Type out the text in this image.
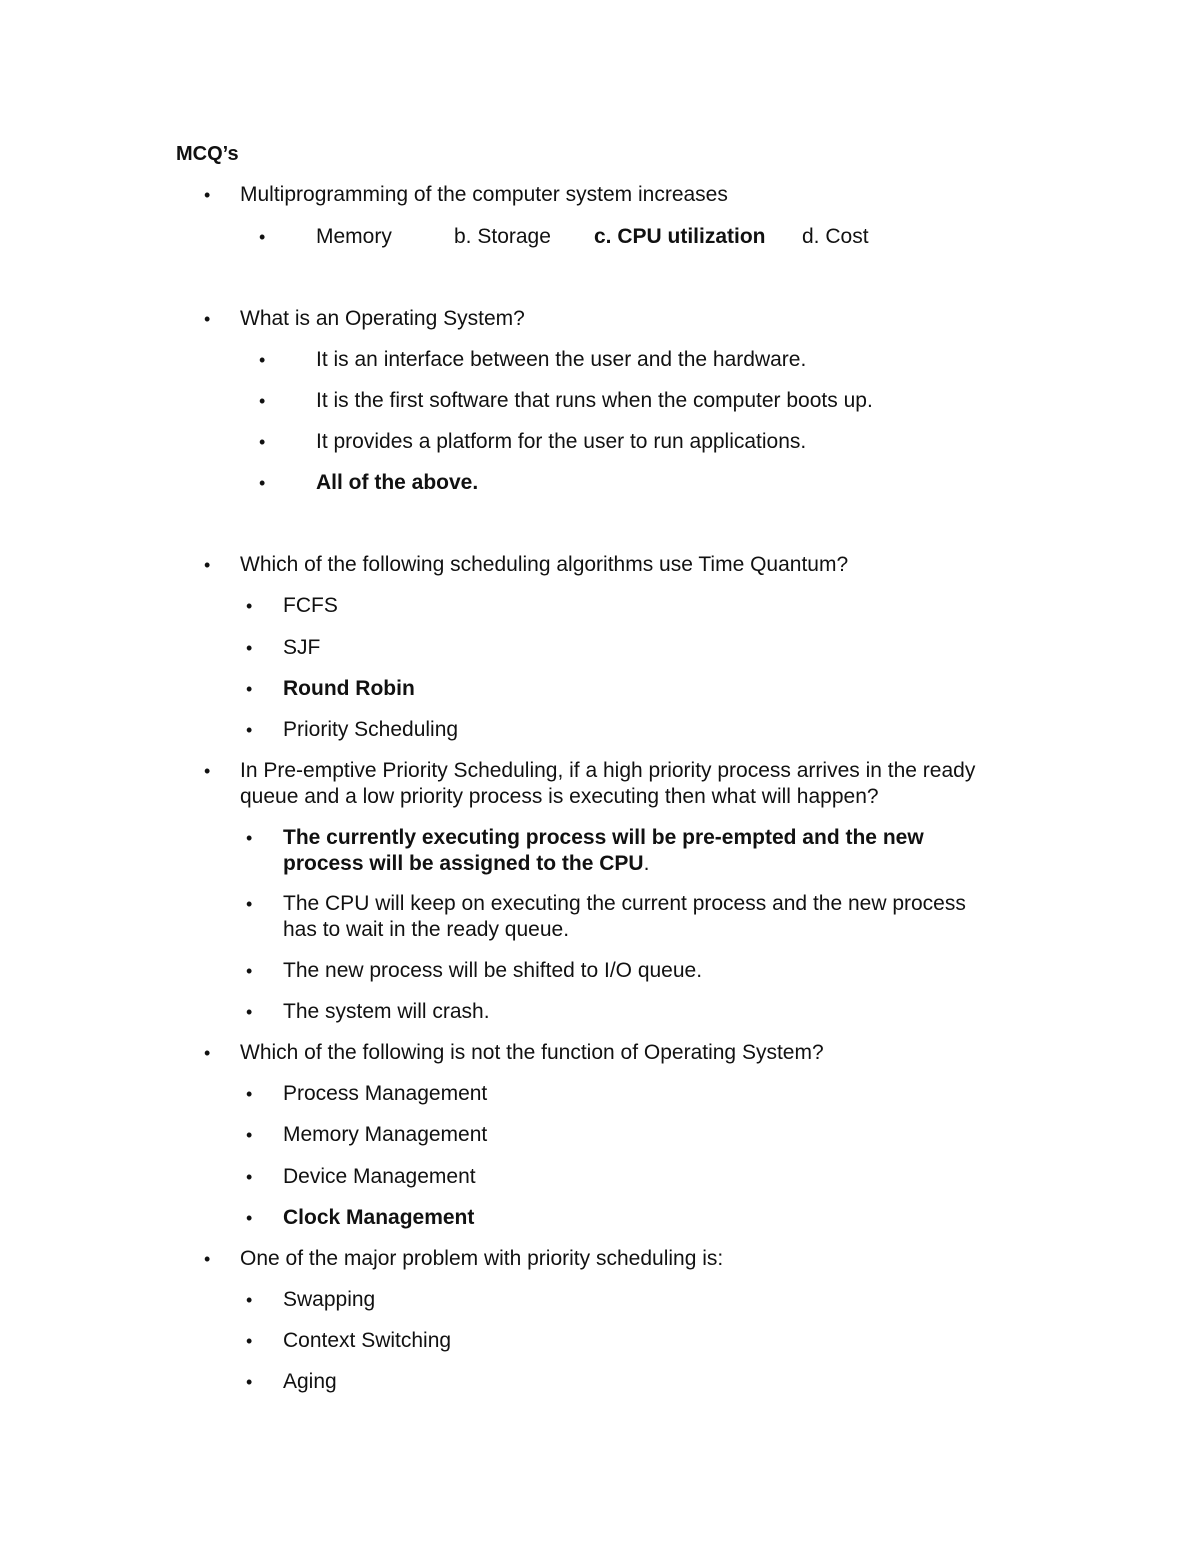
MCQ’s
• Multiprogramming of the computer system increases
• Memory	b. Storage c. CPU utilization d. Cost
• What is an Operating System?
• It is an interface between the user and the hardware.
• It is the first software that runs when the computer boots up.
• It provides a platform for the user to run applications.
• All of the above.
• Which of the following scheduling algorithms use Time Quantum?
• FCFS
• SJF
• Round Robin
• Priority Scheduling
• In Pre-emptive Priority Scheduling, if a high priority process arrives in the ready
queue and a low priority process is executing then what will happen?
• The currently executing process will be pre-empted and the new
process will be assigned to the CPU.
• The CPU will keep on executing the current process and the new process
has to wait in the ready queue.
• The new process will be shifted to I/O queue.
• The system will crash.
• Which of the following is not the function of Operating System?
• Process Management
• Memory Management
• Device Management
• Clock Management
• One of the major problem with priority scheduling is:
• Swapping
• Context Switching
• Aging
